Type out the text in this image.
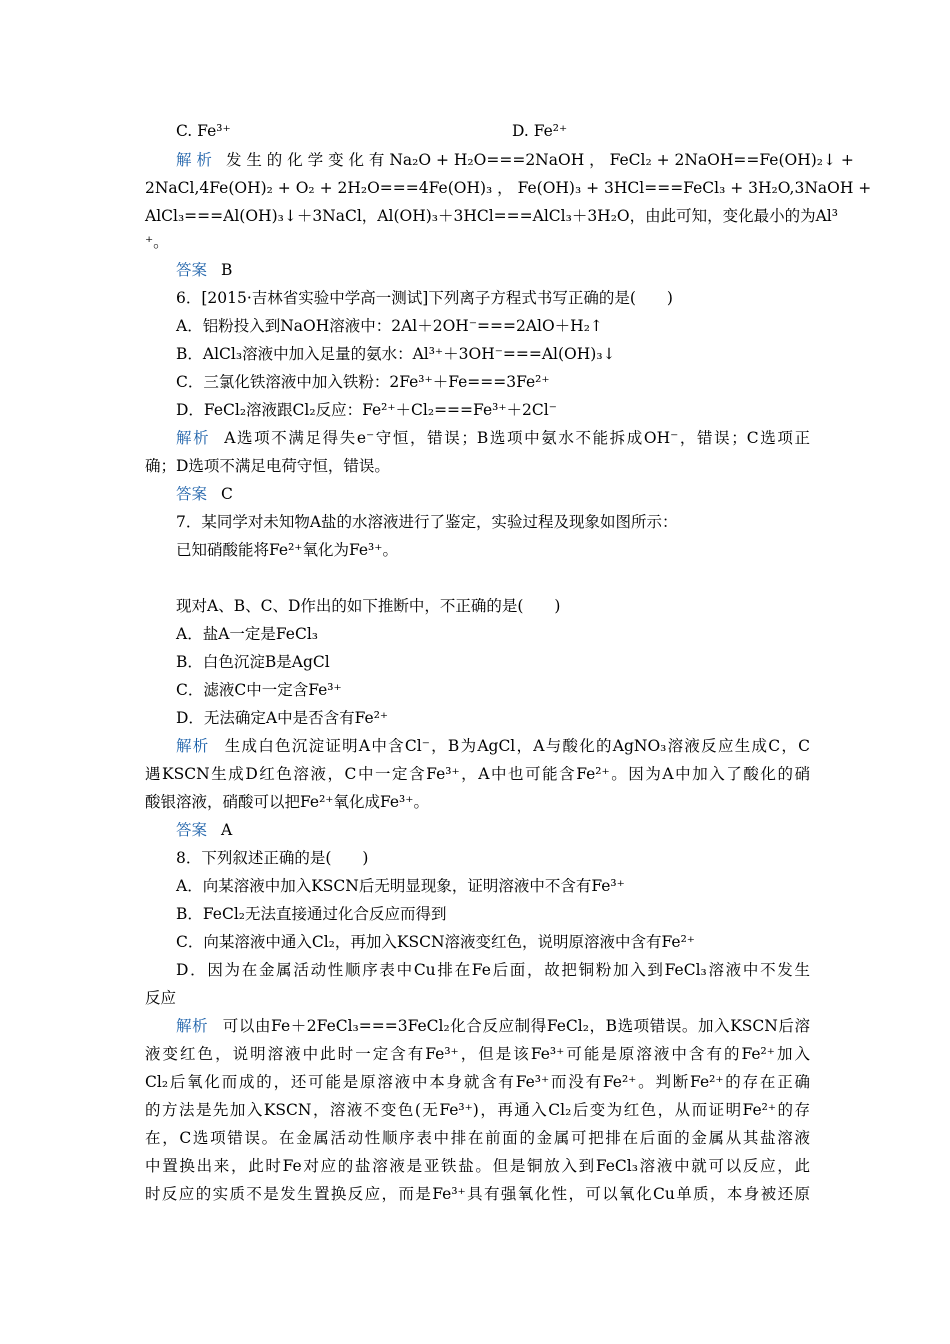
C. Fe³⁺	D. Fe²⁺
解 析 发 生 的 化 学 变 化 有 Na₂O + H₂O===2NaOH ， FeCl₂ + 2NaOH==Fe(OH)₂↓ +
2NaCl,4Fe(OH)₂ + O₂ + 2H₂O===4Fe(OH)₃ ， Fe(OH)₃ + 3HCl===FeCl₃ + 3H₂O,3NaOH +
AlCl₃===Al(OH)₃↓＋3NaCl，Al(OH)₃＋3HCl===AlCl₃＋3H₂O，由此可知，变化最小的为Al³
⁺。
答案 B
6．[2015·吉林省实验中学高一测试]下列离子方程式书写正确的是(　　)
A．铝粉投入到NaOH溶液中：2Al＋2OH⁻===2AlO＋H₂↑
B．AlCl₃溶液中加入足量的氨水：Al³⁺＋3OH⁻===Al(OH)₃↓
C．三氯化铁溶液中加入铁粉：2Fe³⁺＋Fe===3Fe²⁺
D．FeCl₂溶液跟Cl₂反应：Fe²⁺＋Cl₂===Fe³⁺＋2Cl⁻
解析 A选项不满足得失e⁻守恒，错误；B选项中氨水不能拆成OH⁻，错误；C选项正
确；D选项不满足电荷守恒，错误。
答案 C
7．某同学对未知物A盐的水溶液进行了鉴定，实验过程及现象如图所示：
已知硝酸能将Fe²⁺氧化为Fe³⁺。
现对A、B、C、D作出的如下推断中，不正确的是(　　)
A．盐A一定是FeCl₃
B．白色沉淀B是AgCl
C．滤液C中一定含Fe³⁺
D．无法确定A中是否含有Fe²⁺
解析 生成白色沉淀证明A中含Cl⁻，B为AgCl，A与酸化的AgNO₃溶液反应生成C，C
遇KSCN生成D红色溶液，C中一定含Fe³⁺，A中也可能含Fe²⁺。因为A中加入了酸化的硝
酸银溶液，硝酸可以把Fe²⁺氧化成Fe³⁺。
答案 A
8．下列叙述正确的是(　　)
A．向某溶液中加入KSCN后无明显现象，证明溶液中不含有Fe³⁺
B．FeCl₂无法直接通过化合反应而得到
C．向某溶液中通入Cl₂，再加入KSCN溶液变红色，说明原溶液中含有Fe²⁺
D．因为在金属活动性顺序表中Cu排在Fe后面，故把铜粉加入到FeCl₃溶液中不发生
反应
解析 可以由Fe＋2FeCl₃===3FeCl₂化合反应制得FeCl₂，B选项错误。加入KSCN后溶
液变红色，说明溶液中此时一定含有Fe³⁺，但是该Fe³⁺可能是原溶液中含有的Fe²⁺加入
Cl₂后氧化而成的，还可能是原溶液中本身就含有Fe³⁺而没有Fe²⁺。判断Fe²⁺的存在正确
的方法是先加入KSCN，溶液不变色(无Fe³⁺)，再通入Cl₂后变为红色，从而证明Fe²⁺的存
在，C选项错误。在金属活动性顺序表中排在前面的金属可把排在后面的金属从其盐溶液
中置换出来，此时Fe对应的盐溶液是亚铁盐。但是铜放入到FeCl₃溶液中就可以反应，此
时反应的实质不是发生置换反应，而是Fe³⁺具有强氧化性，可以氧化Cu单质，本身被还原
